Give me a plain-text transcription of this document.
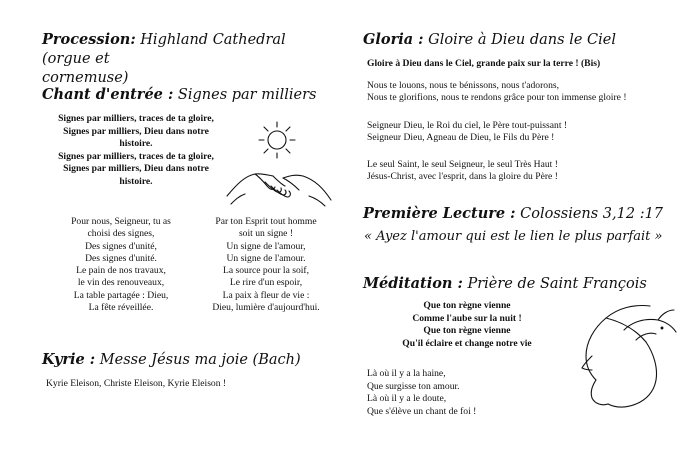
Procession: Highland Cathedral (orgue et
cornemuse)
Chant d'entrée : Signes par milliers
Signes par milliers, traces de ta gloire,
Signes par milliers, Dieu dans notre
histoire.
Signes par milliers, traces de ta gloire,
Signes par milliers, Dieu dans notre
histoire.
Pour nous, Seigneur, tu as
choisi des signes,
Des signes d'unité,
Des signes d'unité.
Le pain de nos travaux,
le vin des renouveaux,
La table partagée : Dieu,
La fête réveillée.
Par ton Esprit tout homme
soit un signe !
Un signe de l'amour,
Un signe de l'amour.
La source pour la soif,
Le rire d'un espoir,
La paix à fleur de vie :
Dieu, lumière d'aujourd'hui.
Kyrie : Messe Jésus ma joie (Bach)
Kyrie Eleison, Christe Eleison, Kyrie Eleison !
Gloria : Gloire à Dieu dans le Ciel
Gloire à Dieu dans le Ciel, grande paix sur la terre ! (Bis)
Nous te louons, nous te bénissons, nous t'adorons,
Nous te glorifions, nous te rendons grâce pour ton immense gloire !
Seigneur Dieu, le Roi du ciel, le Père tout-puissant !
Seigneur Dieu, Agneau de Dieu, le Fils du Père !
Le seul Saint, le seul Seigneur, le seul Très Haut !
Jésus-Christ, avec l'esprit, dans la gloire du Père !
Première Lecture : Colossiens 3,12 :17
« Ayez l'amour qui est le lien le plus parfait »
Méditation : Prière de Saint François
Que ton règne vienne
Comme l'aube sur la nuit !
Que ton règne vienne
Qu'il éclaire et change notre vie
Là où il y a la haine,
Que surgisse ton amour.
Là où il y a le doute,
Que s'élève un chant de foi !
